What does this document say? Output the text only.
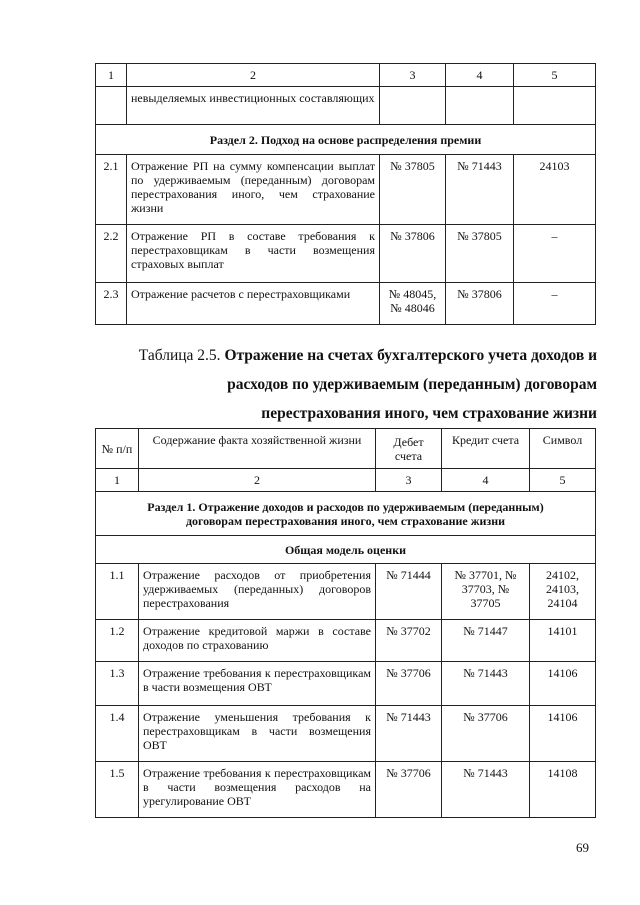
1	2	3	4	5
	невыделяемых инвестиционных составляющих			
Раздел 2. Подход на основе распределения премии				
2.1	Отражение РП на сумму компенсации выплат по удерживаемым (переданным) договорам перестрахования иного, чем страхование жизни	№ 37805	№ 71443	24103
2.2	Отражение РП в составе требования к перестраховщикам в части возмещения страховых выплат	№ 37806	№ 37805	–
2.3	Отражение расчетов с перестраховщиками	№ 48045, № 48046	№ 37806	–
Таблица 2.5. Отражение на счетах бухгалтерского учета доходов и
расходов по удерживаемым (переданным) договорам
перестрахования иного, чем страхование жизни
№ п/п	Содержание факта хозяйственной жизни	Дебет счета	Кредит счета	Символ
1	2	3	4	5
Раздел 1. Отражение доходов и расходов по удерживаемым (переданным) договорам перестрахования иного, чем страхование жизни				
Общая модель оценки				
1.1	Отражение расходов от приобретения удерживаемых (переданных) договоров перестрахования	№ 71444	№ 37701, № 37703, № 37705	24102, 24103, 24104
1.2	Отражение кредитовой маржи в составе доходов по страхованию	№ 37702	№ 71447	14101
1.3	Отражение требования к перестраховщикам в части возмещения ОВТ	№ 37706	№ 71443	14106
1.4	Отражение уменьшения требования к перестраховщикам в части возмещения ОВТ	№ 71443	№ 37706	14106
1.5	Отражение требования к перестраховщикам в части возмещения расходов на урегулирование ОВТ	№ 37706	№ 71443	14108
69
